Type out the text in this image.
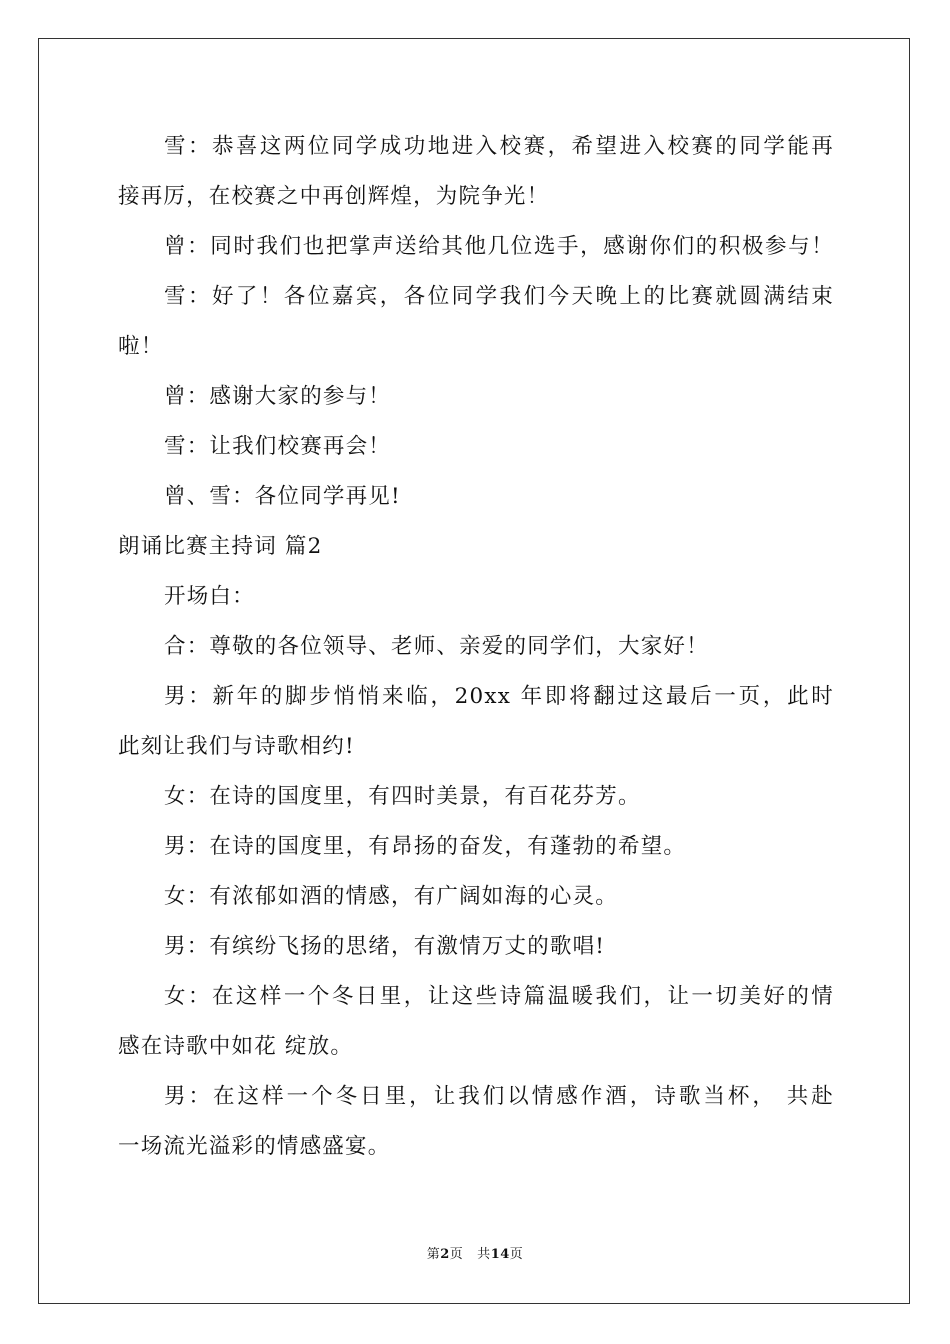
雪：恭喜这两位同学成功地进入校赛，希望进入校赛的同学能再
接再厉，在校赛之中再创辉煌，为院争光！
曾：同时我们也把掌声送给其他几位选手，感谢你们的积极参与！
雪：好了！各位嘉宾，各位同学我们今天晚上的比赛就圆满结束
啦！
曾：感谢大家的参与！
雪：让我们校赛再会！
曾、雪：各位同学再见!
朗诵比赛主持词 篇2
开场白：
合：尊敬的各位领导、老师、亲爱的同学们，大家好！
男：新年的脚步悄悄来临，20xx 年即将翻过这最后一页，此时
此刻让我们与诗歌相约!
女：在诗的国度里，有四时美景，有百花芬芳。
男：在诗的国度里，有昂扬的奋发，有蓬勃的希望。
女：有浓郁如酒的情感，有广阔如海的心灵。
男：有缤纷飞扬的思绪，有激情万丈的歌唱!
女：在这样一个冬日里，让这些诗篇温暖我们，让一切美好的情
感在诗歌中如花 绽放。
男：在这样一个冬日里，让我们以情感作酒，诗歌当杯， 共赴
一场流光溢彩的情感盛宴。
第2页 共14页
